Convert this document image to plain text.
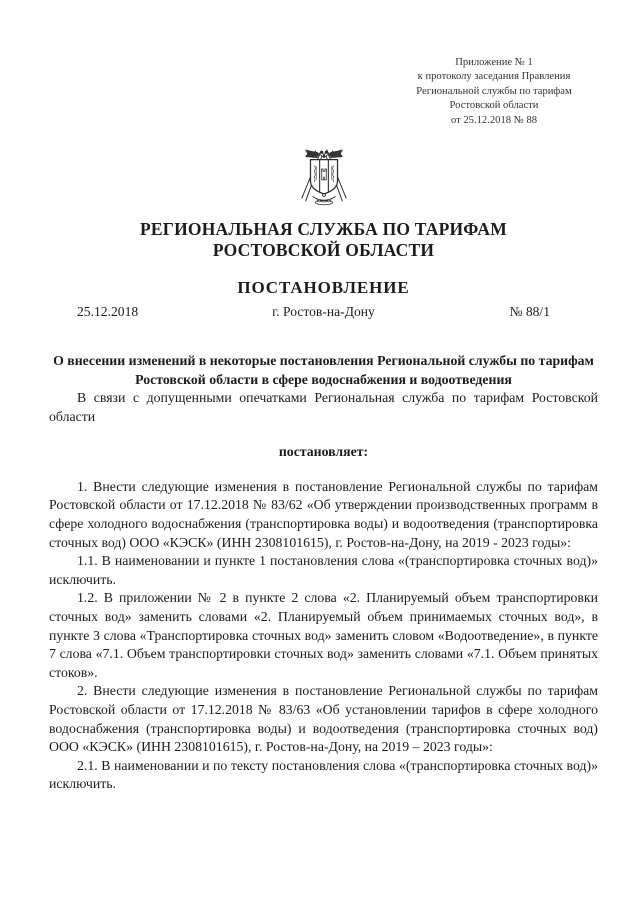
Приложение № 1
к протоколу заседания Правления
Региональной службы по тарифам
Ростовской области
от 25.12.2018 № 88
РЕГИОНАЛЬНАЯ СЛУЖБА ПО ТАРИФАМ
РОСТОВСКОЙ ОБЛАСТИ
ПОСТАНОВЛЕНИЕ
25.12.2018	г. Ростов-на-Дону	№ 88/1
О внесении изменений в некоторые постановления Региональной службы по тарифам Ростовской области в сфере водоснабжения и водоотведения

В связи с допущенными опечатками Региональная служба по тарифам Ростовской области

постановляет:

1. Внести следующие изменения в постановление Региональной службы по тарифам Ростовской области от 17.12.2018 № 83/62 «Об утверждении производственных программ в сфере холодного водоснабжения (транспортировка воды) и водоотведения (транспортировка сточных вод) ООО «КЭСК» (ИНН 2308101615), г. Ростов-на-Дону, на 2019 - 2023 годы»:

1.1. В наименовании и пункте 1 постановления слова «(транспортировка сточных вод)» исключить.

1.2. В приложении № 2 в пункте 2 слова «2. Планируемый объем транспортировки сточных вод» заменить словами «2. Планируемый объем принимаемых сточных вод», в пункте 3 слова «Транспортировка сточных вод» заменить словом «Водоотведение», в пункте 7 слова «7.1. Объем транспортировки сточных вод» заменить словами «7.1. Объем принятых стоков».

2. Внести следующие изменения в постановление Региональной службы по тарифам Ростовской области от 17.12.2018 № 83/63 «Об установлении тарифов в сфере холодного водоснабжения (транспортировка воды) и водоотведения (транспортировка сточных вод) ООО «КЭСК» (ИНН 2308101615), г. Ростов-на-Дону, на 2019 – 2023 годы»:

2.1. В наименовании и по тексту постановления слова «(транспортировка сточных вод)» исключить.
